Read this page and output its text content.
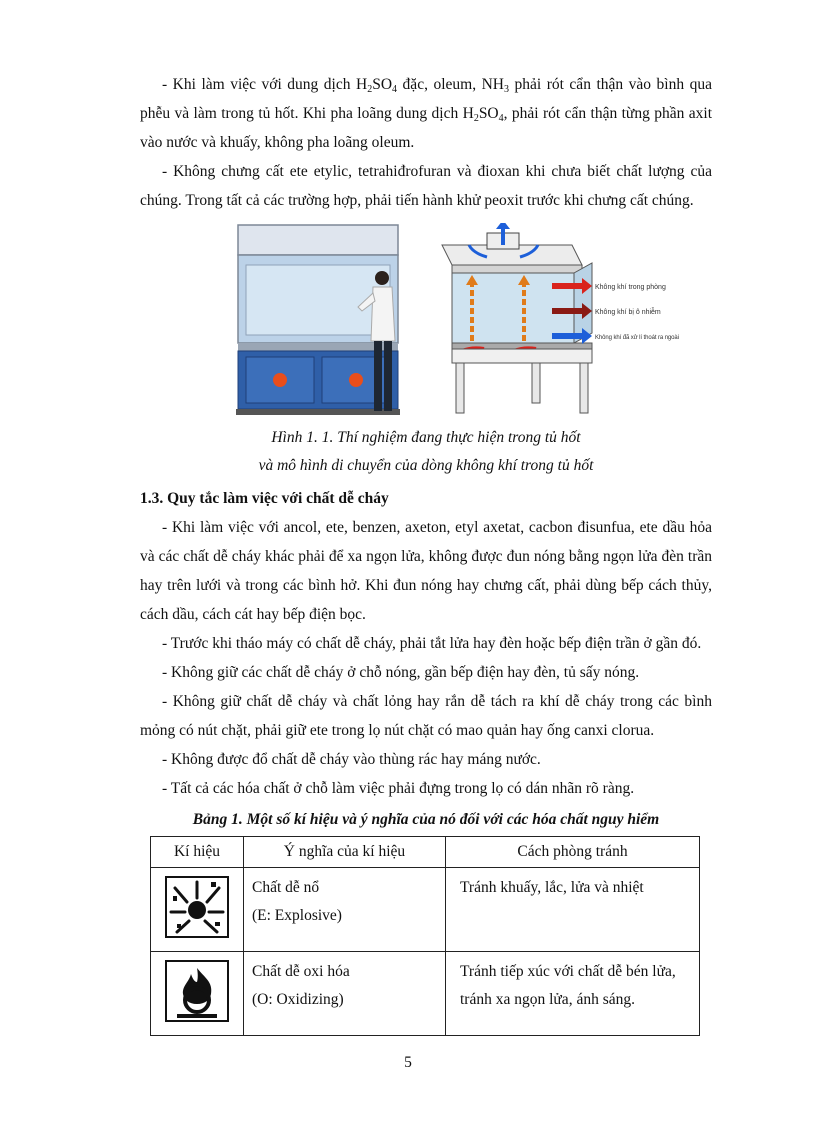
- Khi làm việc với dung dịch $H_2SO_4$ đặc, oleum, $NH_3$ phải rót cẩn thận vào bình qua phễu và làm trong tủ hốt. Khi pha loãng dung dịch $H_2SO_4$, phải rót cẩn thận từng phần axit vào nước và khuấy, không pha loãng oleum.

- Không chưng cất ete etylic, tetrahiđrofuran và đioxan khi chưa biết chất lượng của chúng. Trong tất cả các trường hợp, phải tiến hành khử peoxit trước khi chưng cất chúng.

Không khí trong phòng
Không khí bị ô nhiễm
Không khí đã xử lí thoát ra ngoài
Hình 1. 1. Thí nghiệm đang thực hiện trong tủ hốt
và mô hình di chuyển của dòng không khí trong tủ hốt
1.3. Quy tắc làm việc với chất dễ cháy

- Khi làm việc với ancol, ete, benzen, axeton, etyl axetat, cacbon đisunfua, ete dầu hỏa và các chất dễ cháy khác phải để xa ngọn lửa, không được đun nóng bằng ngọn lửa đèn trần hay trên lưới và trong các bình hở. Khi đun nóng hay chưng cất, phải dùng bếp cách thủy, cách dầu, cách cát hay bếp điện bọc.

- Trước khi tháo máy có chất dễ cháy, phải tắt lửa hay đèn hoặc bếp điện trần ở gần đó.

- Không giữ các chất dễ cháy ở chỗ nóng, gần bếp điện hay đèn, tủ sấy nóng.

- Không giữ chất dễ cháy và chất lỏng hay rắn dễ tách ra khí dễ cháy trong các bình mỏng có nút chặt, phải giữ ete trong lọ nút chặt có mao quản hay ống canxi clorua.

- Không được đổ chất dễ cháy vào thùng rác hay máng nước.

- Tất cả các hóa chất ở chỗ làm việc phải đựng trong lọ có dán nhãn rõ ràng.

Bảng 1. Một số kí hiệu và ý nghĩa của nó đối với các hóa chất nguy hiểm
Kí hiệu	Ý nghĩa của kí hiệu	Cách phòng tránh

Chất dễ nổ
(E: Explosive)	Tránh khuấy, lắc, lửa và nhiệt

Chất dễ oxi hóa
(O: Oxidizing)	Tránh tiếp xúc với chất dễ bén lửa, tránh xa ngọn lửa, ánh sáng.
5
